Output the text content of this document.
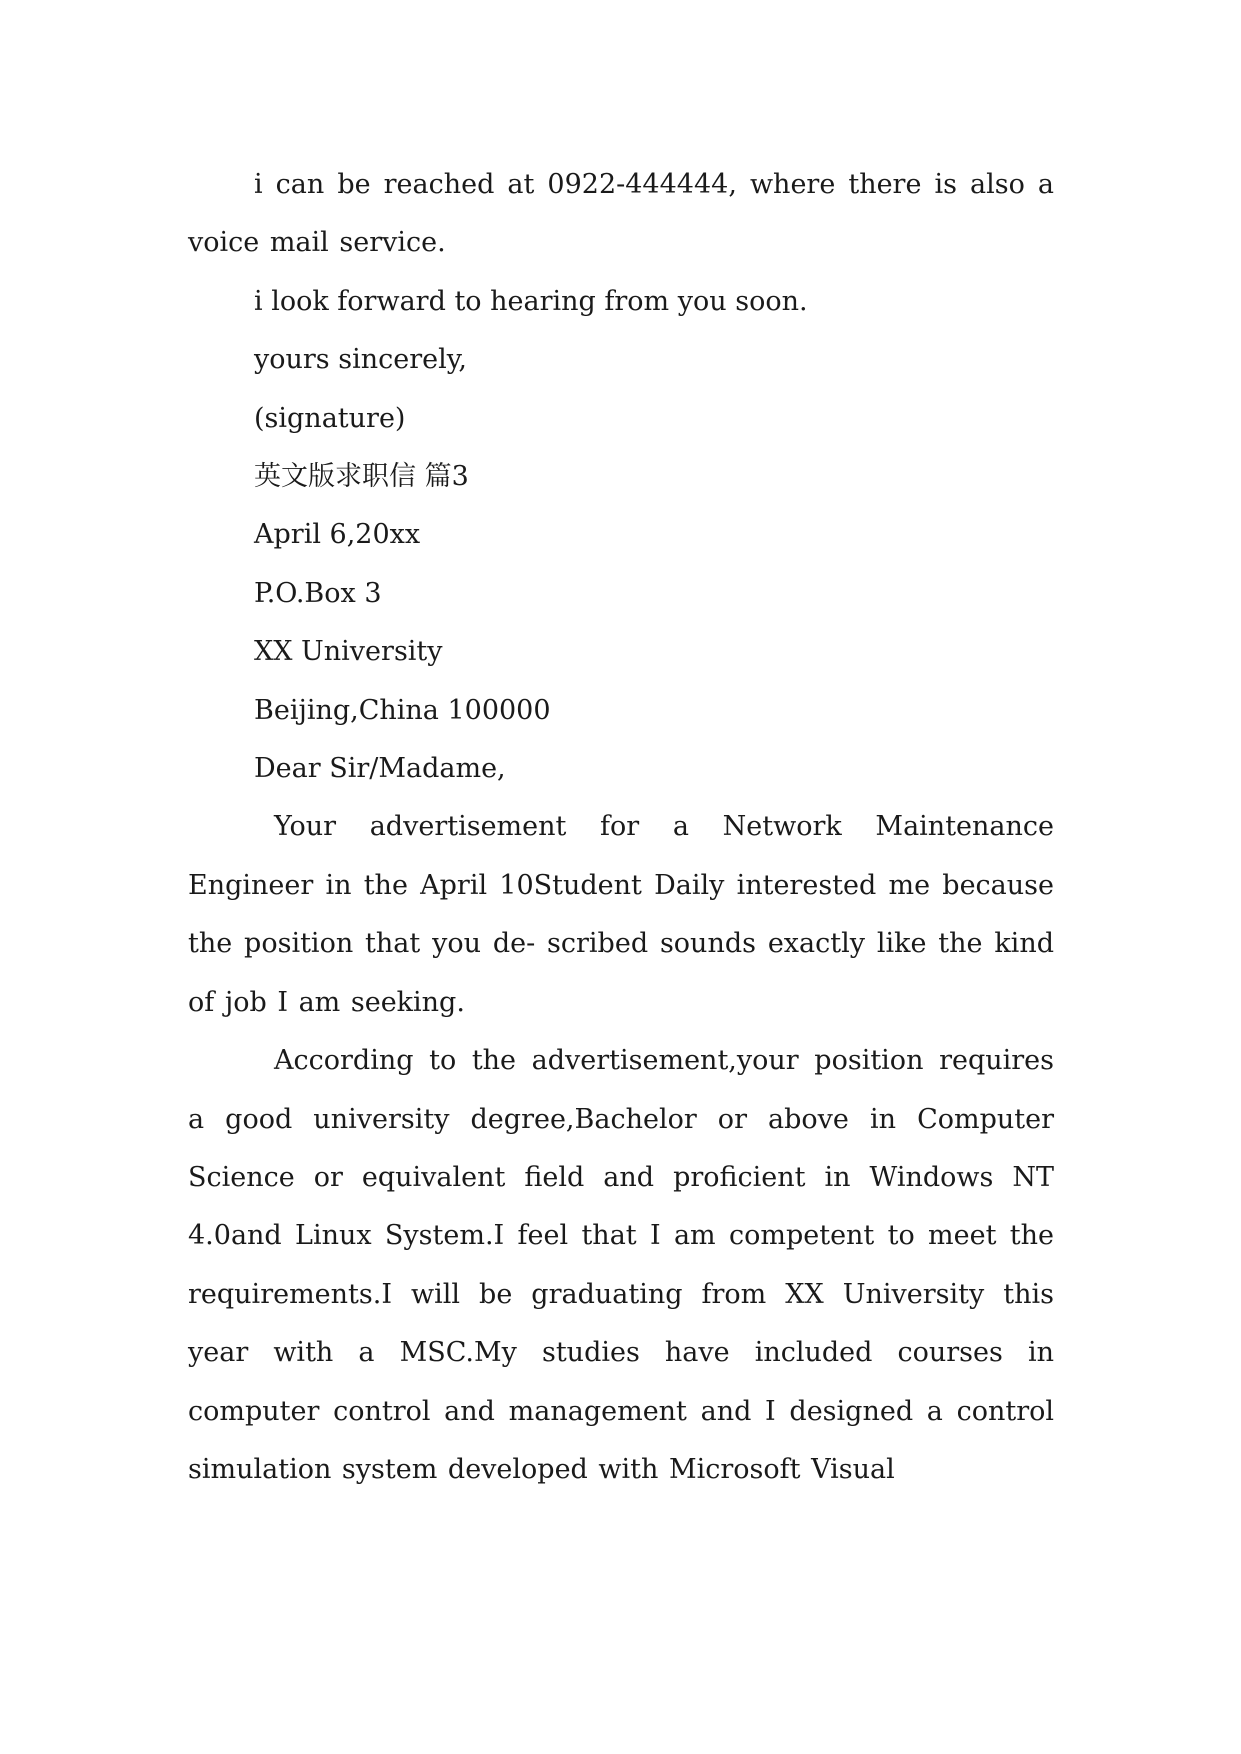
i can be reached at 0922-444444, where there is also a voice mail service.

i look forward to hearing from you soon.

yours sincerely,

(signature)

英文版求职信 篇3

April 6,20xx

P.O.Box 3

XX University

Beijing,China 100000

Dear Sir/Madame,

Your advertisement for a Network Maintenance Engineer in the April 10Student Daily interested me because the position that you de- scribed sounds exactly like the kind of job I am seeking.

According to the advertisement,your position requires a good university degree,Bachelor or above in Computer Science or equivalent field and proficient in Windows NT 4.0and Linux System.I feel that I am competent to meet the requirements.I will be graduating from XX University this year with a MSC.My studies have included courses in computer control and management and I designed a control simulation system developed with Microsoft Visual
